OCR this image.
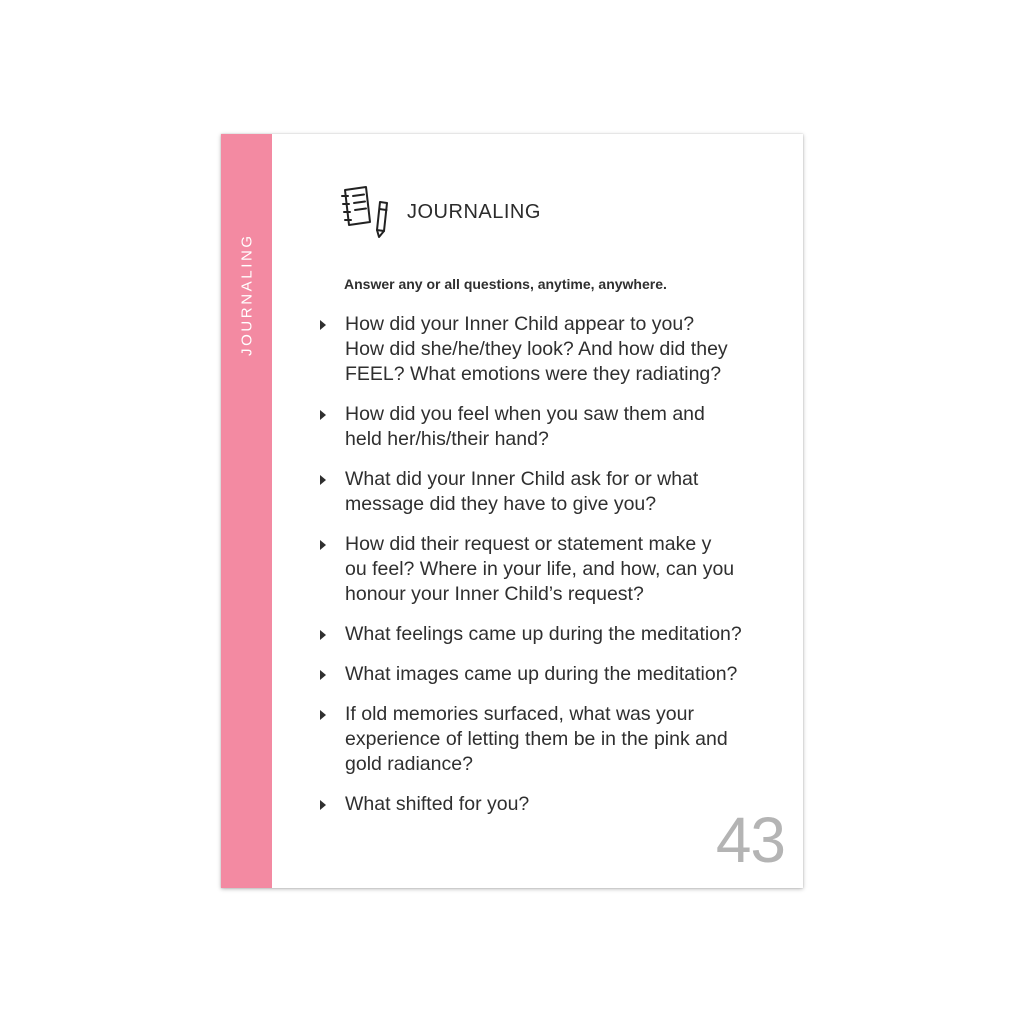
JOURNALING
JOURNALING
Answer any or all questions, anytime, anywhere.
How did your Inner Child appear to you?
How did she/he/they look? And how did they
FEEL? What emotions were they radiating?
How did you feel when you saw them and
held her/his/their hand?
What did your Inner Child ask for or what
message did they have to give you?
How did their request or statement make y
ou feel? Where in your life, and how, can you
honour your Inner Child’s request?
What feelings came up during the meditation?
What images came up during the meditation?
If old memories surfaced, what was your
experience of letting them be in the pink and
gold radiance?
What shifted for you?	43
